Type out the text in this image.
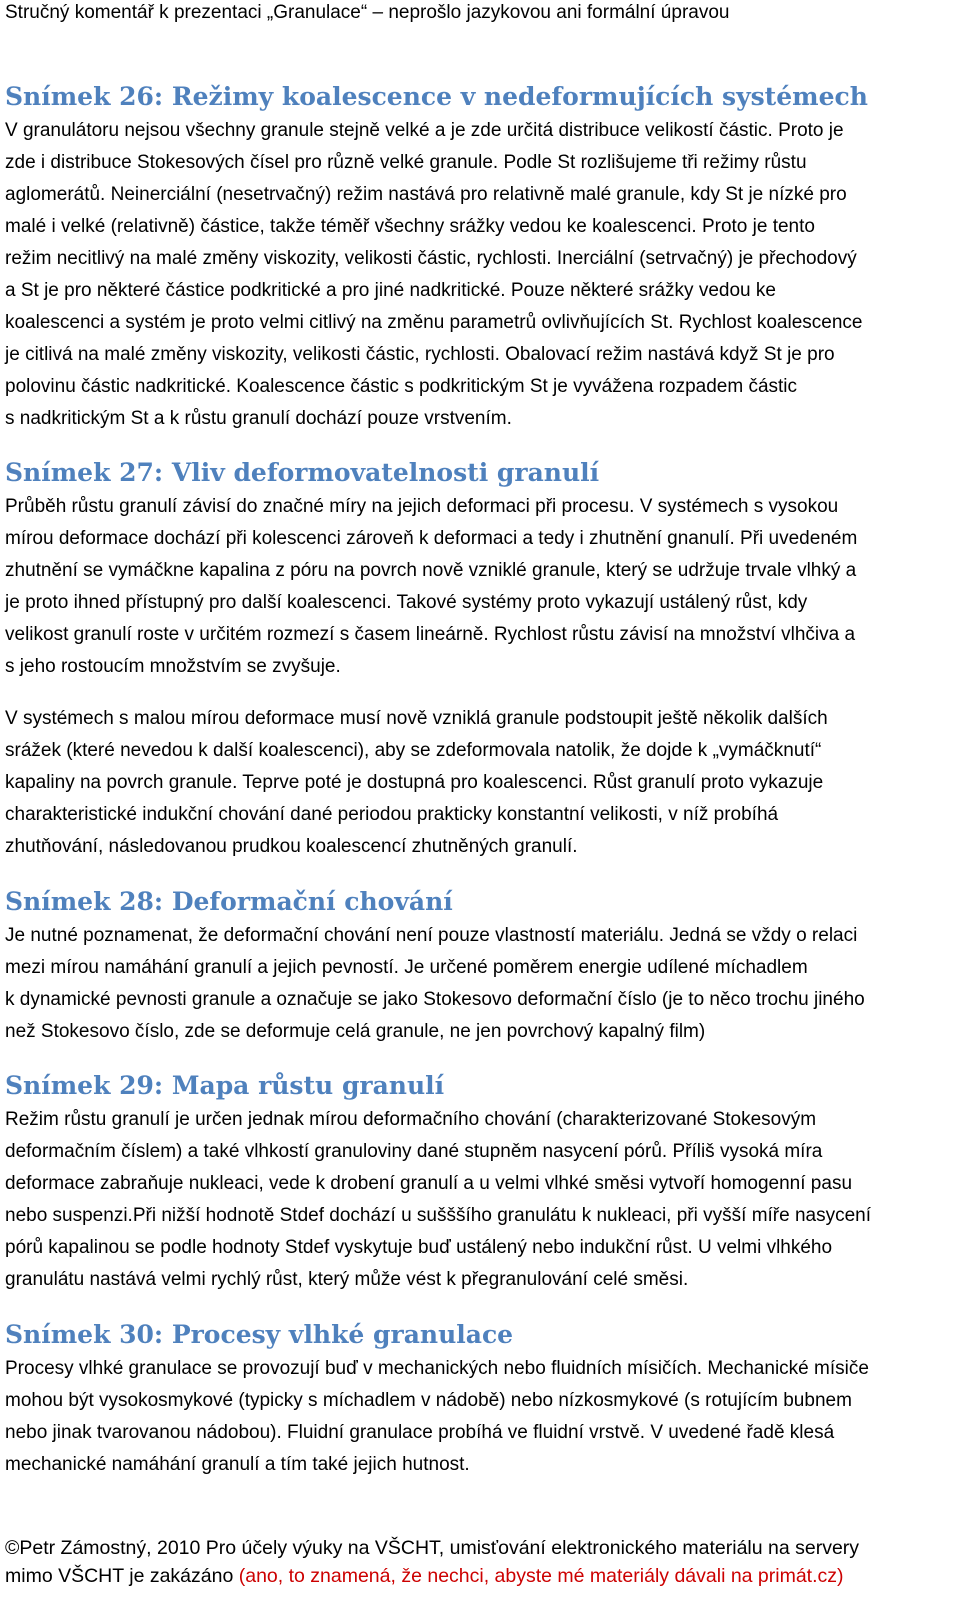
Stručný komentář k prezentaci „Granulace“ – neprošlo jazykovou ani formální úpravou
Snímek 26: Režimy koalescence v nedeformujících systémech
V granulátoru nejsou všechny granule stejně velké a je zde určitá distribuce velikostí částic. Proto je
zde i distribuce Stokesových čísel pro různě velké granule. Podle St rozlišujeme tři režimy růstu
aglomerátů. Neinerciální (nesetrvačný) režim nastává pro relativně malé granule, kdy St je nízké pro
malé i velké (relativně) částice, takže téměř všechny srážky vedou ke koalescenci. Proto je tento
režim necitlivý na malé změny viskozity, velikosti částic, rychlosti. Inerciální (setrvačný) je přechodový
a St je pro některé částice podkritické a pro jiné nadkritické. Pouze některé srážky vedou ke
koalescenci a systém je proto velmi citlivý na změnu parametrů ovlivňujících St. Rychlost koalescence
je citlivá na malé změny viskozity, velikosti částic, rychlosti. Obalovací režim nastává když St je pro
polovinu částic nadkritické. Koalescence částic s podkritickým St je vyvážena rozpadem částic
s nadkritickým St a k růstu granulí dochází pouze vrstvením.
Snímek 27: Vliv deformovatelnosti granulí
Průběh růstu granulí závisí do značné míry na jejich deformaci při procesu. V systémech s vysokou
mírou deformace dochází při kolescenci zároveň k deformaci a tedy i zhutnění gnanulí. Při uvedeném
zhutnění se vymáčkne kapalina z póru na povrch nově vzniklé granule, který se udržuje trvale vlhký a
je proto ihned přístupný pro další koalescenci. Takové systémy proto vykazují ustálený růst, kdy
velikost granulí roste v určitém rozmezí s časem lineárně. Rychlost růstu závisí na množství vlhčiva a
s jeho rostoucím množstvím se zvyšuje.
V systémech s malou mírou deformace musí nově vzniklá granule podstoupit ještě několik dalších
srážek (které nevedou k další koalescenci), aby se zdeformovala natolik, že dojde k „vymáčknutí“
kapaliny na povrch granule. Teprve poté je dostupná pro koalescenci. Růst granulí proto vykazuje
charakteristické indukční chování dané periodou prakticky konstantní velikosti, v níž probíhá
zhutňování, následovanou prudkou koalescencí zhutněných granulí.
Snímek 28: Deformační chování
Je nutné poznamenat, že deformační chování není pouze vlastností materiálu. Jedná se vždy o relaci
mezi mírou namáhání granulí a jejich pevností. Je určené poměrem energie udílené míchadlem
k dynamické pevnosti granule a označuje se jako Stokesovo deformační číslo (je to něco trochu jiného
než Stokesovo číslo, zde se deformuje celá granule, ne jen povrchový kapalný film)
Snímek 29: Mapa růstu granulí
Režim růstu granulí je určen jednak mírou deformačního chování (charakterizované Stokesovým
deformačním číslem) a také vlhkostí granuloviny dané stupněm nasycení pórů. Příliš vysoká míra
deformace zabraňuje nukleaci, vede k drobení granulí a u velmi vlhké směsi vytvoří homogenní pasu
nebo suspenzi.Při nižší hodnotě Stdef dochází u sušššího granulátu k nukleaci, při vyšší míře nasycení
pórů kapalinou se podle hodnoty Stdef vyskytuje buď ustálený nebo indukční růst. U velmi vlhkého
granulátu nastává velmi rychlý růst, který může vést k přegranulování celé směsi.
Snímek 30: Procesy vlhké granulace
Procesy vlhké granulace se provozují buď v mechanických nebo fluidních mísičích. Mechanické mísiče
mohou být vysokosmykové (typicky s míchadlem v nádobě) nebo nízkosmykové (s rotujícím bubnem
nebo jinak tvarovanou nádobou). Fluidní granulace probíhá ve fluidní vrstvě. V uvedené řadě klesá
mechanické namáhání granulí a tím také jejich hutnost.
©Petr Zámostný, 2010 Pro účely výuky na VŠCHT, umisťování elektronického materiálu na servery
mimo VŠCHT je zakázáno (ano, to znamená, že nechci, abyste mé materiály dávali na primát.cz)
